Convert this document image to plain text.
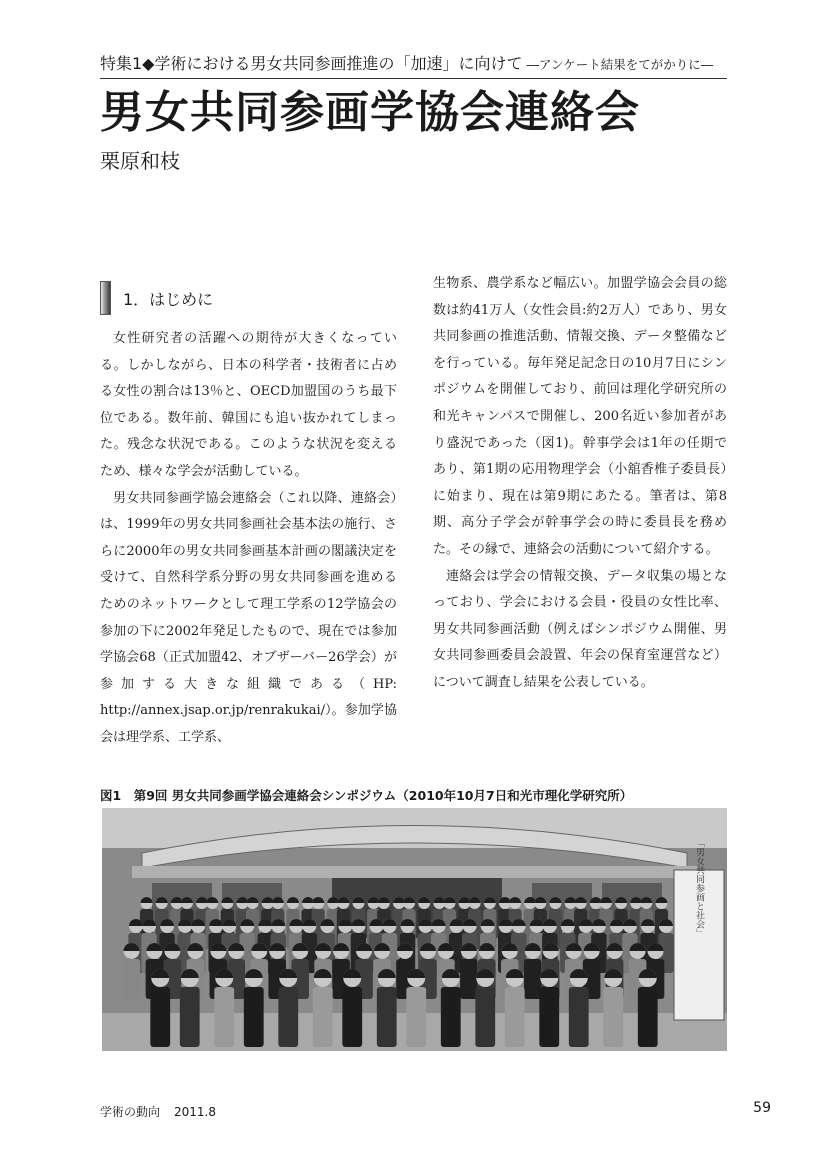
特集1◆学術における男女共同参画推進の「加速」に向けて ―アンケート結果をてがかりに―
男女共同参画学協会連絡会
栗原和枝
1．はじめに

女性研究者の活躍への期待が大きくなっている。しかしながら、日本の科学者・技術者に占める女性の割合は13％と、OECD加盟国のうち最下位である。数年前、韓国にも追い抜かれてしまった。残念な状況である。このような状況を変えるため、様々な学会が活動している。

男女共同参画学協会連絡会（これ以降、連絡会）は、1999年の男女共同参画社会基本法の施行、さらに2000年の男女共同参画基本計画の閣議決定を受けて、自然科学系分野の男女共同参画を進めるためのネットワークとして理工学系の12学協会の参加の下に2002年発足したもので、現在では参加学協会68（正式加盟42、オブザーバー26学会）が参加する大きな組織である（HP: http://annex.jsap.or.jp/renrakukai/）。参加学協会は理学系、工学系、

生物系、農学系など幅広い。加盟学協会会員の総数は約41万人（女性会員:約2万人）であり、男女共同参画の推進活動、情報交換、データ整備などを行っている。毎年発足記念日の10月7日にシンポジウムを開催しており、前回は理化学研究所の和光キャンパスで開催し、200名近い参加者があり盛況であった（図1)。幹事学会は1年の任期であり、第1期の応用物理学会（小舘香椎子委員長）に始まり、現在は第9期にあたる。筆者は、第8期、高分子学会が幹事学会の時に委員長を務めた。その縁で、連絡会の活動について紹介する。

連絡会は学会の情報交換、データ収集の場となっており、学会における会員・役員の女性比率、男女共同参画活動（例えばシンポジウム開催、男女共同参画委員会設置、年会の保育室運営など）について調査し結果を公表している。

図1　第9回 男女共同参画学協会連絡会シンポジウム（2010年10月7日和光市理化学研究所）
「男女共同参画と社会」
学術の動向 2011.8	59
